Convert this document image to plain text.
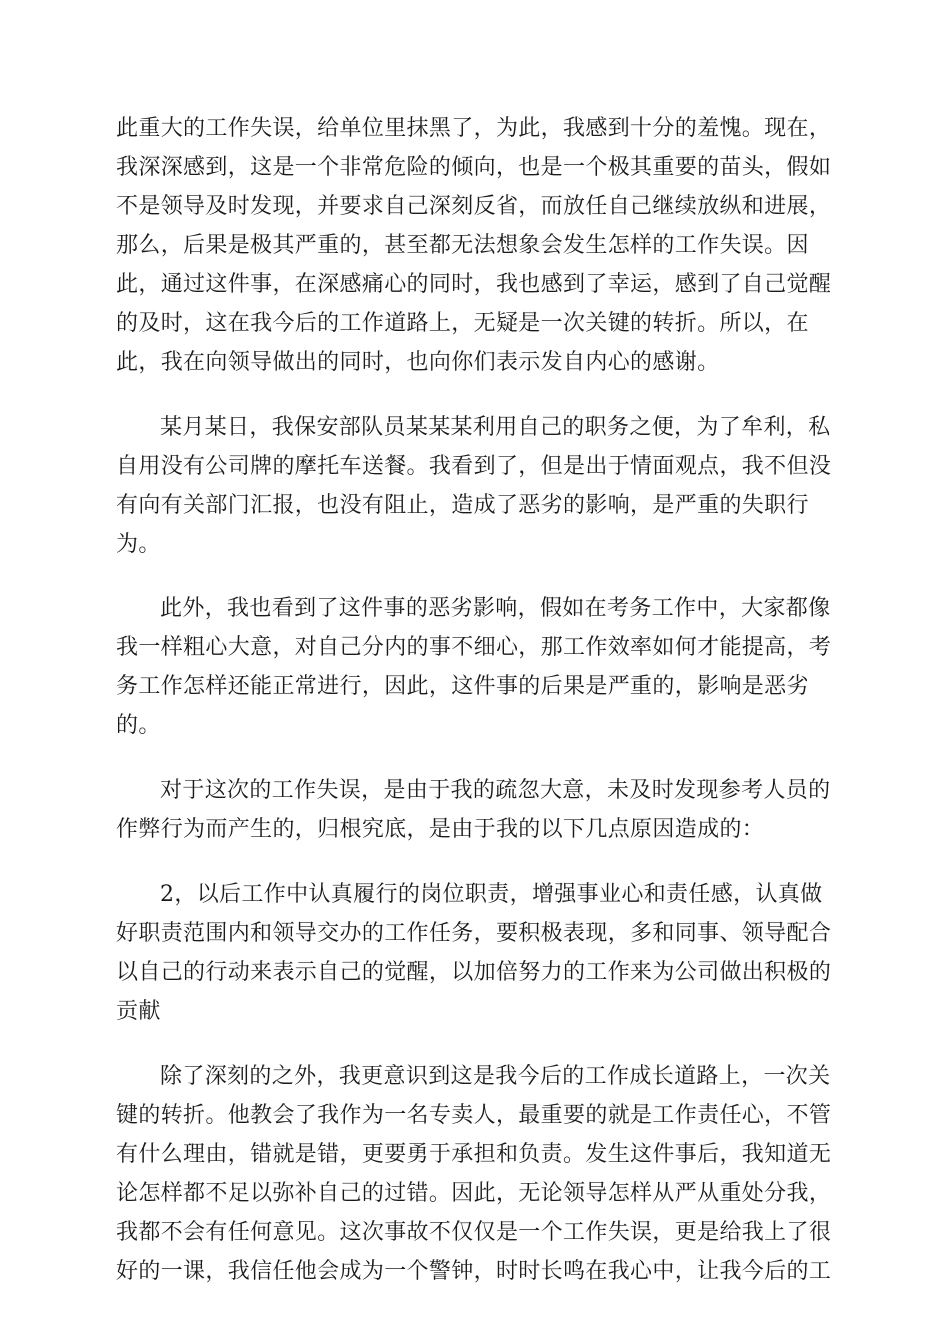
此重大的工作失误，给单位里抹黑了，为此，我感到十分的羞愧。现在，
我深深感到，这是一个非常危险的倾向，也是一个极其重要的苗头，假如
不是领导及时发现，并要求自己深刻反省，而放任自己继续放纵和进展，
那么，后果是极其严重的，甚至都无法想象会发生怎样的工作失误。因
此，通过这件事，在深感痛心的同时，我也感到了幸运，感到了自己觉醒
的及时，这在我今后的工作道路上，无疑是一次关键的转折。所以，在
此，我在向领导做出的同时，也向你们表示发自内心的感谢。
某月某日，我保安部队员某某某利用自己的职务之便，为了牟利，私
自用没有公司牌的摩托车送餐。我看到了，但是出于情面观点，我不但没
有向有关部门汇报，也没有阻止，造成了恶劣的影响，是严重的失职行
为。
此外，我也看到了这件事的恶劣影响，假如在考务工作中，大家都像
我一样粗心大意，对自己分内的事不细心，那工作效率如何才能提高，考
务工作怎样还能正常进行，因此，这件事的后果是严重的，影响是恶劣
的。
对于这次的工作失误，是由于我的疏忽大意，未及时发现参考人员的
作弊行为而产生的，归根究底，是由于我的以下几点原因造成的：
2，以后工作中认真履行的岗位职责，增强事业心和责任感，认真做
好职责范围内和领导交办的工作任务，要积极表现，多和同事、领导配合
以自己的行动来表示自己的觉醒，以加倍努力的工作来为公司做出积极的
贡献
除了深刻的之外，我更意识到这是我今后的工作成长道路上，一次关
键的转折。他教会了我作为一名专卖人，最重要的就是工作责任心，不管
有什么理由，错就是错，更要勇于承担和负责。发生这件事后，我知道无
论怎样都不足以弥补自己的过错。因此，无论领导怎样从严从重处分我，
我都不会有任何意见。这次事故不仅仅是一个工作失误，更是给我上了很
好的一课，我信任他会成为一个警钟，时时长鸣在我心中，让我今后的工
